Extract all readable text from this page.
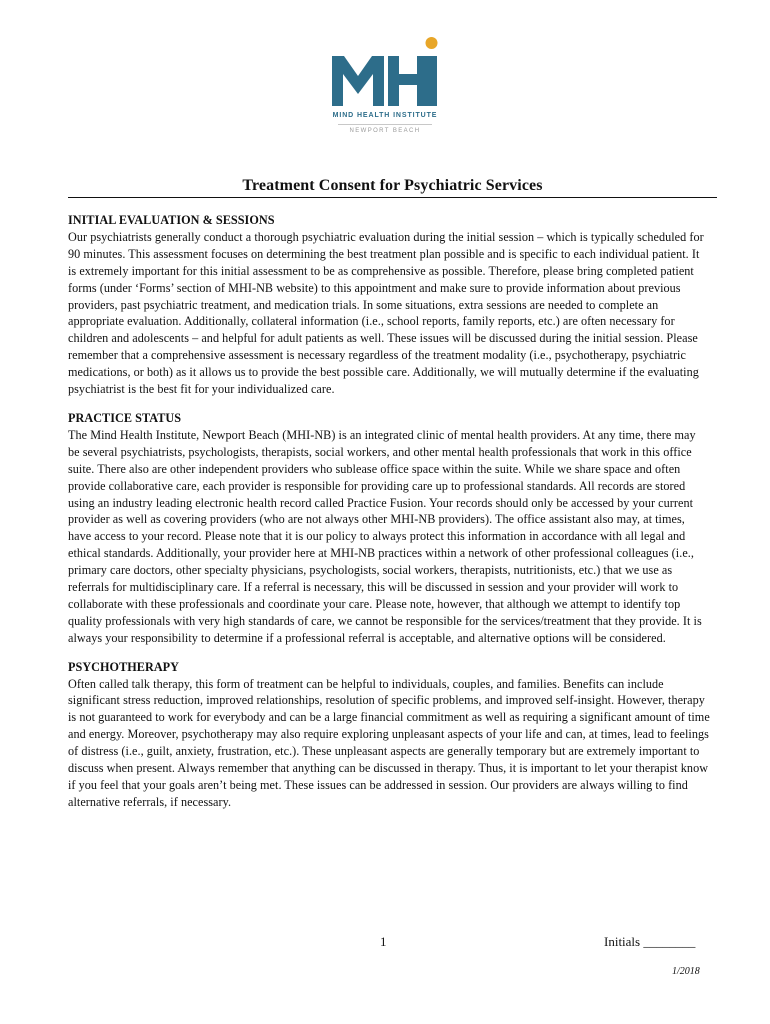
MIND HEALTH INSTITUTE
NEWPORT BEACH
Treatment Consent for Psychiatric Services

INITIAL EVALUATION & SESSIONS

Our psychiatrists generally conduct a thorough psychiatric evaluation during the initial session – which is typically scheduled for 90 minutes. This assessment focuses on determining the best treatment plan possible and is specific to each individual patient. It is extremely important for this initial assessment to be as comprehensive as possible. Therefore, please bring completed patient forms (under ‘Forms’ section of MHI-NB website) to this appointment and make sure to provide information about previous providers, past psychiatric treatment, and medication trials. In some situations, extra sessions are needed to complete an appropriate evaluation. Additionally, collateral information (i.e., school reports, family reports, etc.) are often necessary for children and adolescents – and helpful for adult patients as well. These issues will be discussed during the initial session. Please remember that a comprehensive assessment is necessary regardless of the treatment modality (i.e., psychotherapy, psychiatric medications, or both) as it allows us to provide the best possible care. Additionally, we will mutually determine if the evaluating psychiatrist is the best fit for your individualized care.

PRACTICE STATUS

The Mind Health Institute, Newport Beach (MHI-NB) is an integrated clinic of mental health providers. At any time, there may be several psychiatrists, psychologists, therapists, social workers, and other mental health professionals that work in this office suite. There also are other independent providers who sublease office space within the suite. While we share space and often provide collaborative care, each provider is responsible for providing care up to professional standards. All records are stored using an industry leading electronic health record called Practice Fusion. Your records should only be accessed by your current provider as well as covering providers (who are not always other MHI-NB providers). The office assistant also may, at times, have access to your record. Please note that it is our policy to always protect this information in accordance with all legal and ethical standards. Additionally, your provider here at MHI-NB practices within a network of other professional colleagues (i.e., primary care doctors, other specialty physicians, psychologists, social workers, therapists, nutritionists, etc.) that we use as referrals for multidisciplinary care. If a referral is necessary, this will be discussed in session and your provider will work to collaborate with these professionals and coordinate your care. Please note, however, that although we attempt to identify top quality professionals with very high standards of care, we cannot be responsible for the services/treatment that they provide. It is always your responsibility to determine if a professional referral is acceptable, and alternative options will be considered.

PSYCHOTHERAPY

Often called talk therapy, this form of treatment can be helpful to individuals, couples, and families. Benefits can include significant stress reduction, improved relationships, resolution of specific problems, and improved self-insight. However, therapy is not guaranteed to work for everybody and can be a large financial commitment as well as requiring a significant amount of time and energy. Moreover, psychotherapy may also require exploring unpleasant aspects of your life and can, at times, lead to feelings of distress (i.e., guilt, anxiety, frustration, etc.). These unpleasant aspects are generally temporary but are extremely important to discuss when present. Always remember that anything can be discussed in therapy. Thus, it is important to let your therapist know if you feel that your goals aren’t being met. These issues can be addressed in session. Our providers are always willing to find alternative referrals, if necessary.

1	Initials ________
1/2018
